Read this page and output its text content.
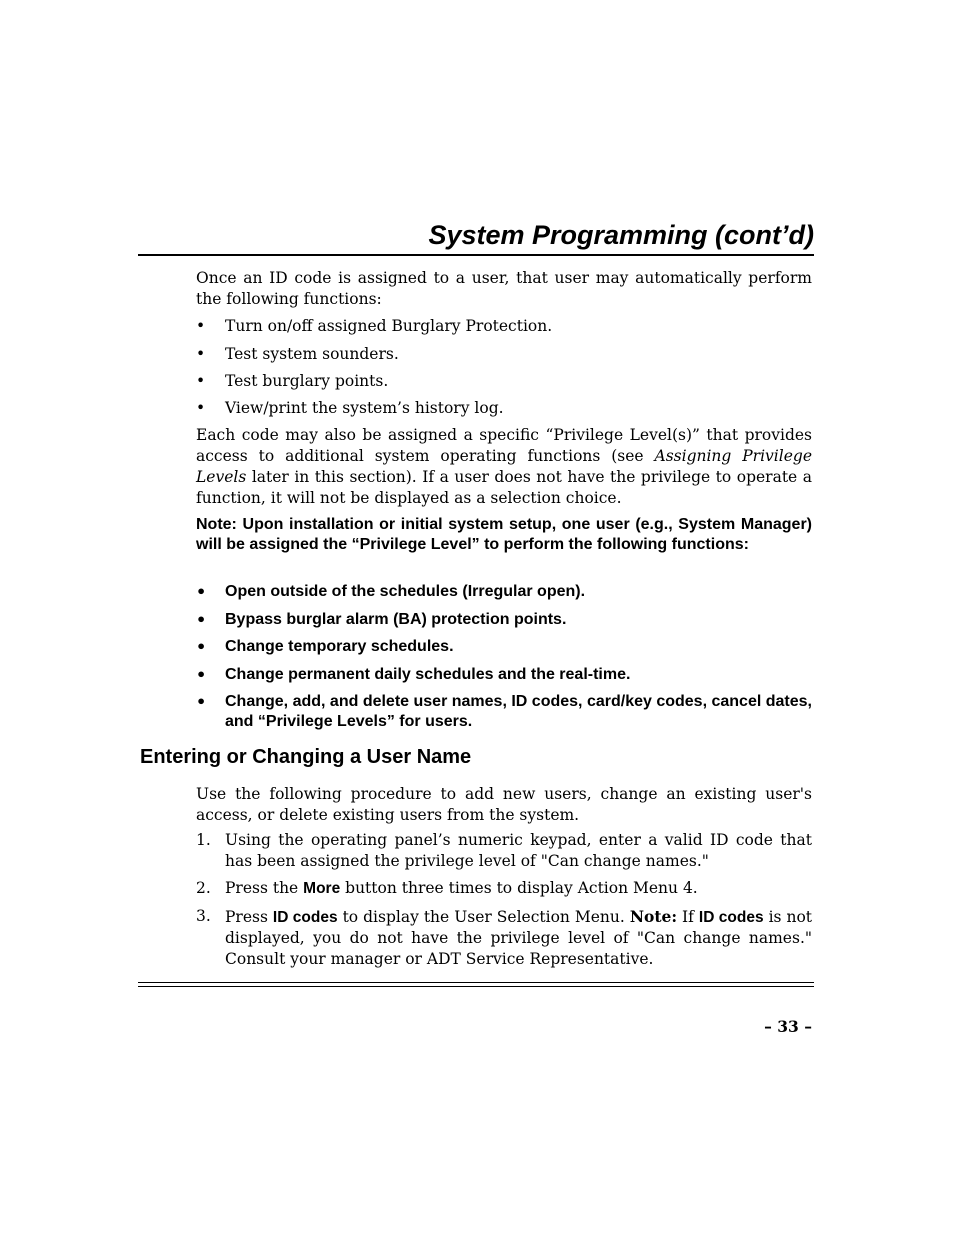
System Programming (cont’d)

Once an ID code is assigned to a user, that user may automatically perform the following functions:

•	Turn on/off assigned Burglary Protection.
•	Test system sounders.
•	Test burglary points.
•	View/print the system’s history log.

Each code may also be assigned a specific “Privilege Level(s)” that provides access to additional system operating functions (see Assigning Privilege Levels later in this section). If a user does not have the privilege to operate a function, it will not be displayed as a selection choice.

Note: Upon installation or initial system setup, one user (e.g., System Manager) will be assigned the “Privilege Level” to perform the following functions:

•	Open outside of the schedules (Irregular open).
•	Bypass burglar alarm (BA) protection points.
•	Change temporary schedules.
•	Change permanent daily schedules and the real-time.
•	Change, add, and delete user names, ID codes, card/key codes, cancel dates, and “Privilege Levels” for users.
Entering or Changing a User Name

Use the following procedure to add new users, change an existing user's access, or delete existing users from the system.

1. Using the operating panel’s numeric keypad, enter a valid ID code that has been assigned the privilege level of "Can change names."
2. Press the More button three times to display Action Menu 4.
3. Press ID codes to display the User Selection Menu. Note: If ID codes is not displayed, you do not have the privilege level of "Can change names." Consult your manager or ADT Service Representative.

– 33 –
